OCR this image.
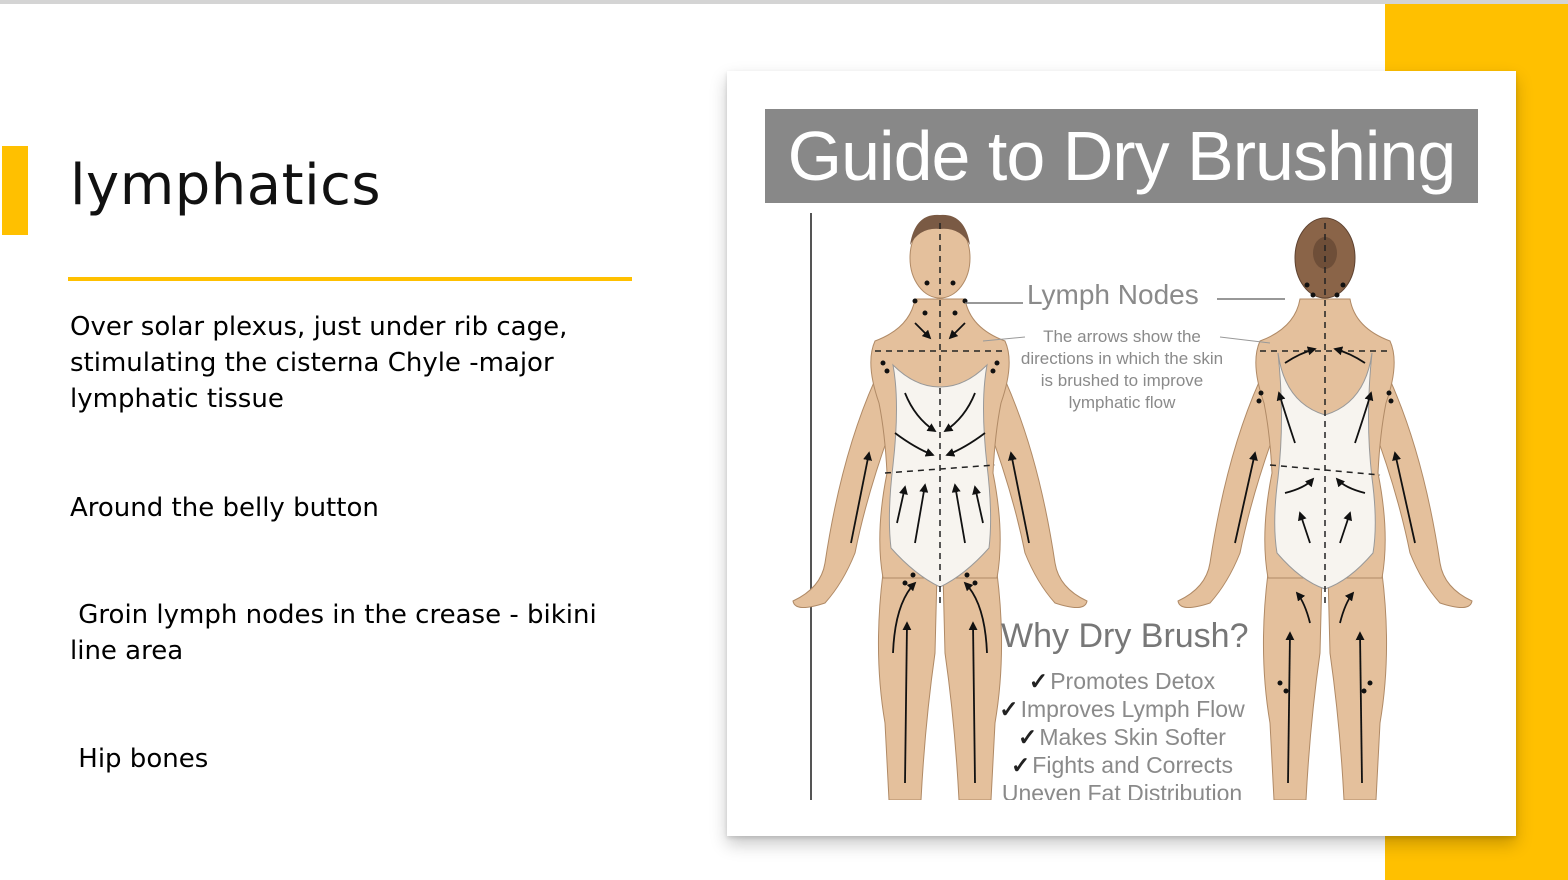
lymphatics

Over solar plexus, just under rib cage, stimulating the cisterna Chyle -major lymphatic tissue

Around the belly button

Groin lymph nodes in the crease - bikini line area

Hip bones

Guide to Dry Brushing
Lymph Nodes
The arrows show the directions in which the skin is brushed to improve lymphatic flow
Why Dry Brush?
✓Promotes Detox
✓Improves Lymph Flow
✓Makes Skin Softer
✓Fights and Corrects
Uneven Fat Distribution
